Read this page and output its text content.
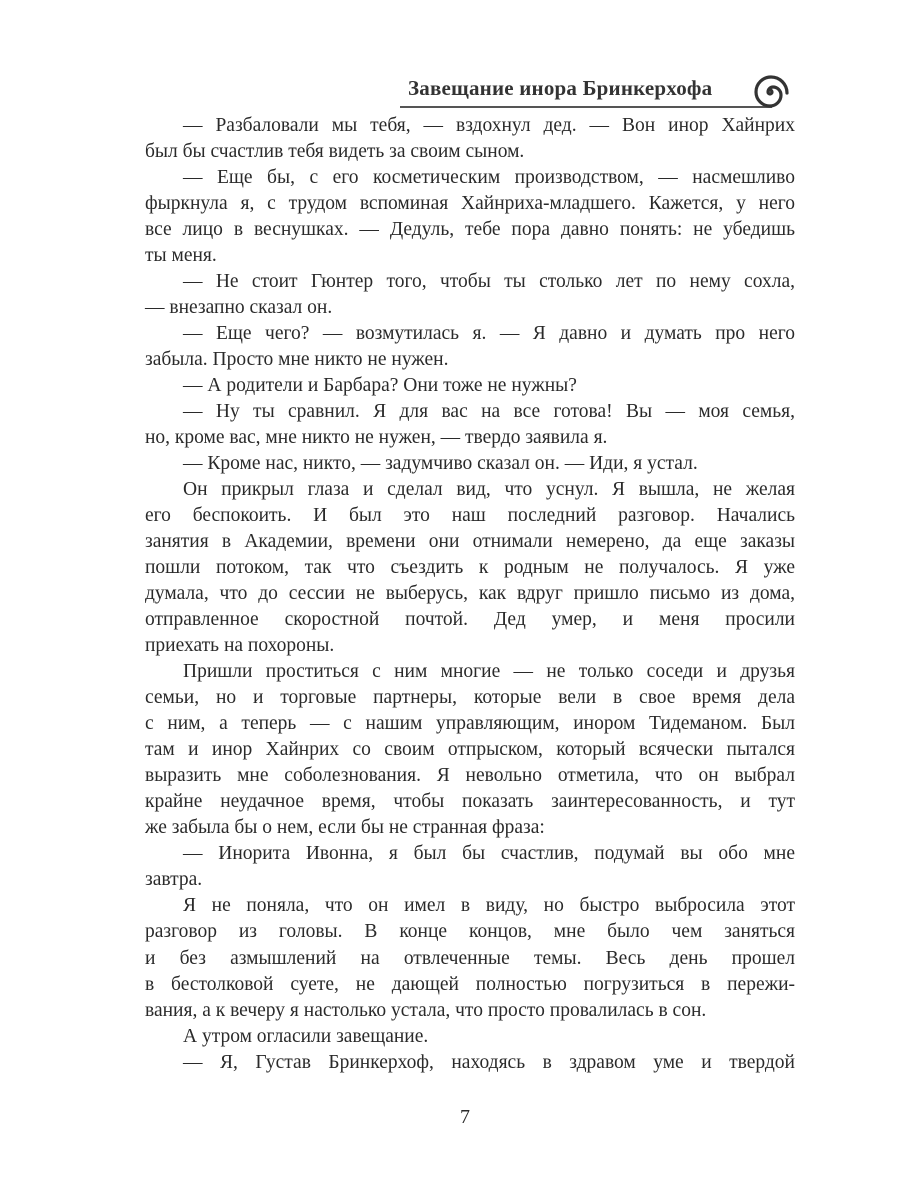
Завещание инора Бринкерхофа
— Разбаловали мы тебя, — вздохнул дед. — Вон инор Хайнрих
был бы счастлив тебя видеть за своим сыном.
— Еще бы, с его косметическим производством, — насмешливо
фыркнула я, с трудом вспоминая Хайнриха-младшего. Кажется, у него
все лицо в веснушках. — Дедуль, тебе пора давно понять: не убедишь
ты меня.
— Не стоит Гюнтер того, чтобы ты столько лет по нему сохла,
— внезапно сказал он.
— Еще чего? — возмутилась я. — Я давно и думать про него
забыла. Просто мне никто не нужен.
— А родители и Барбара? Они тоже не нужны?
— Ну ты сравнил. Я для вас на все готова! Вы — моя семья,
но, кроме вас, мне никто не нужен, — твердо заявила я.
— Кроме нас, никто, — задумчиво сказал он. — Иди, я устал.
Он прикрыл глаза и сделал вид, что уснул. Я вышла, не желая
его беспокоить. И был это наш последний разговор. Начались
занятия в Академии, времени они отнимали немерено, да еще заказы
пошли потоком, так что съездить к родным не получалось. Я уже
думала, что до сессии не выберусь, как вдруг пришло письмо из дома,
отправленное скоростной почтой. Дед умер, и меня просили
приехать на похороны.
Пришли проститься с ним многие — не только соседи и друзья
семьи, но и торговые партнеры, которые вели в свое время дела
с ним, а теперь — с нашим управляющим, инором Тидеманом. Был
там и инор Хайнрих со своим отпрыском, который всячески пытался
выразить мне соболезнования. Я невольно отметила, что он выбрал
крайне неудачное время, чтобы показать заинтересованность, и тут
же забыла бы о нем, если бы не странная фраза:
— Инорита Ивонна, я был бы счастлив, подумай вы обо мне
завтра.
Я не поняла, что он имел в виду, но быстро выбросила этот
разговор из головы. В конце концов, мне было чем заняться
и без азмышлений на отвлеченные темы. Весь день прошел
в бестолковой суете, не дающей полностью погрузиться в пережи-
вания, а к вечеру я настолько устала, что просто провалилась в сон.
А утром огласили завещание.
— Я, Густав Бринкерхоф, находясь в здравом уме и твердой
7
